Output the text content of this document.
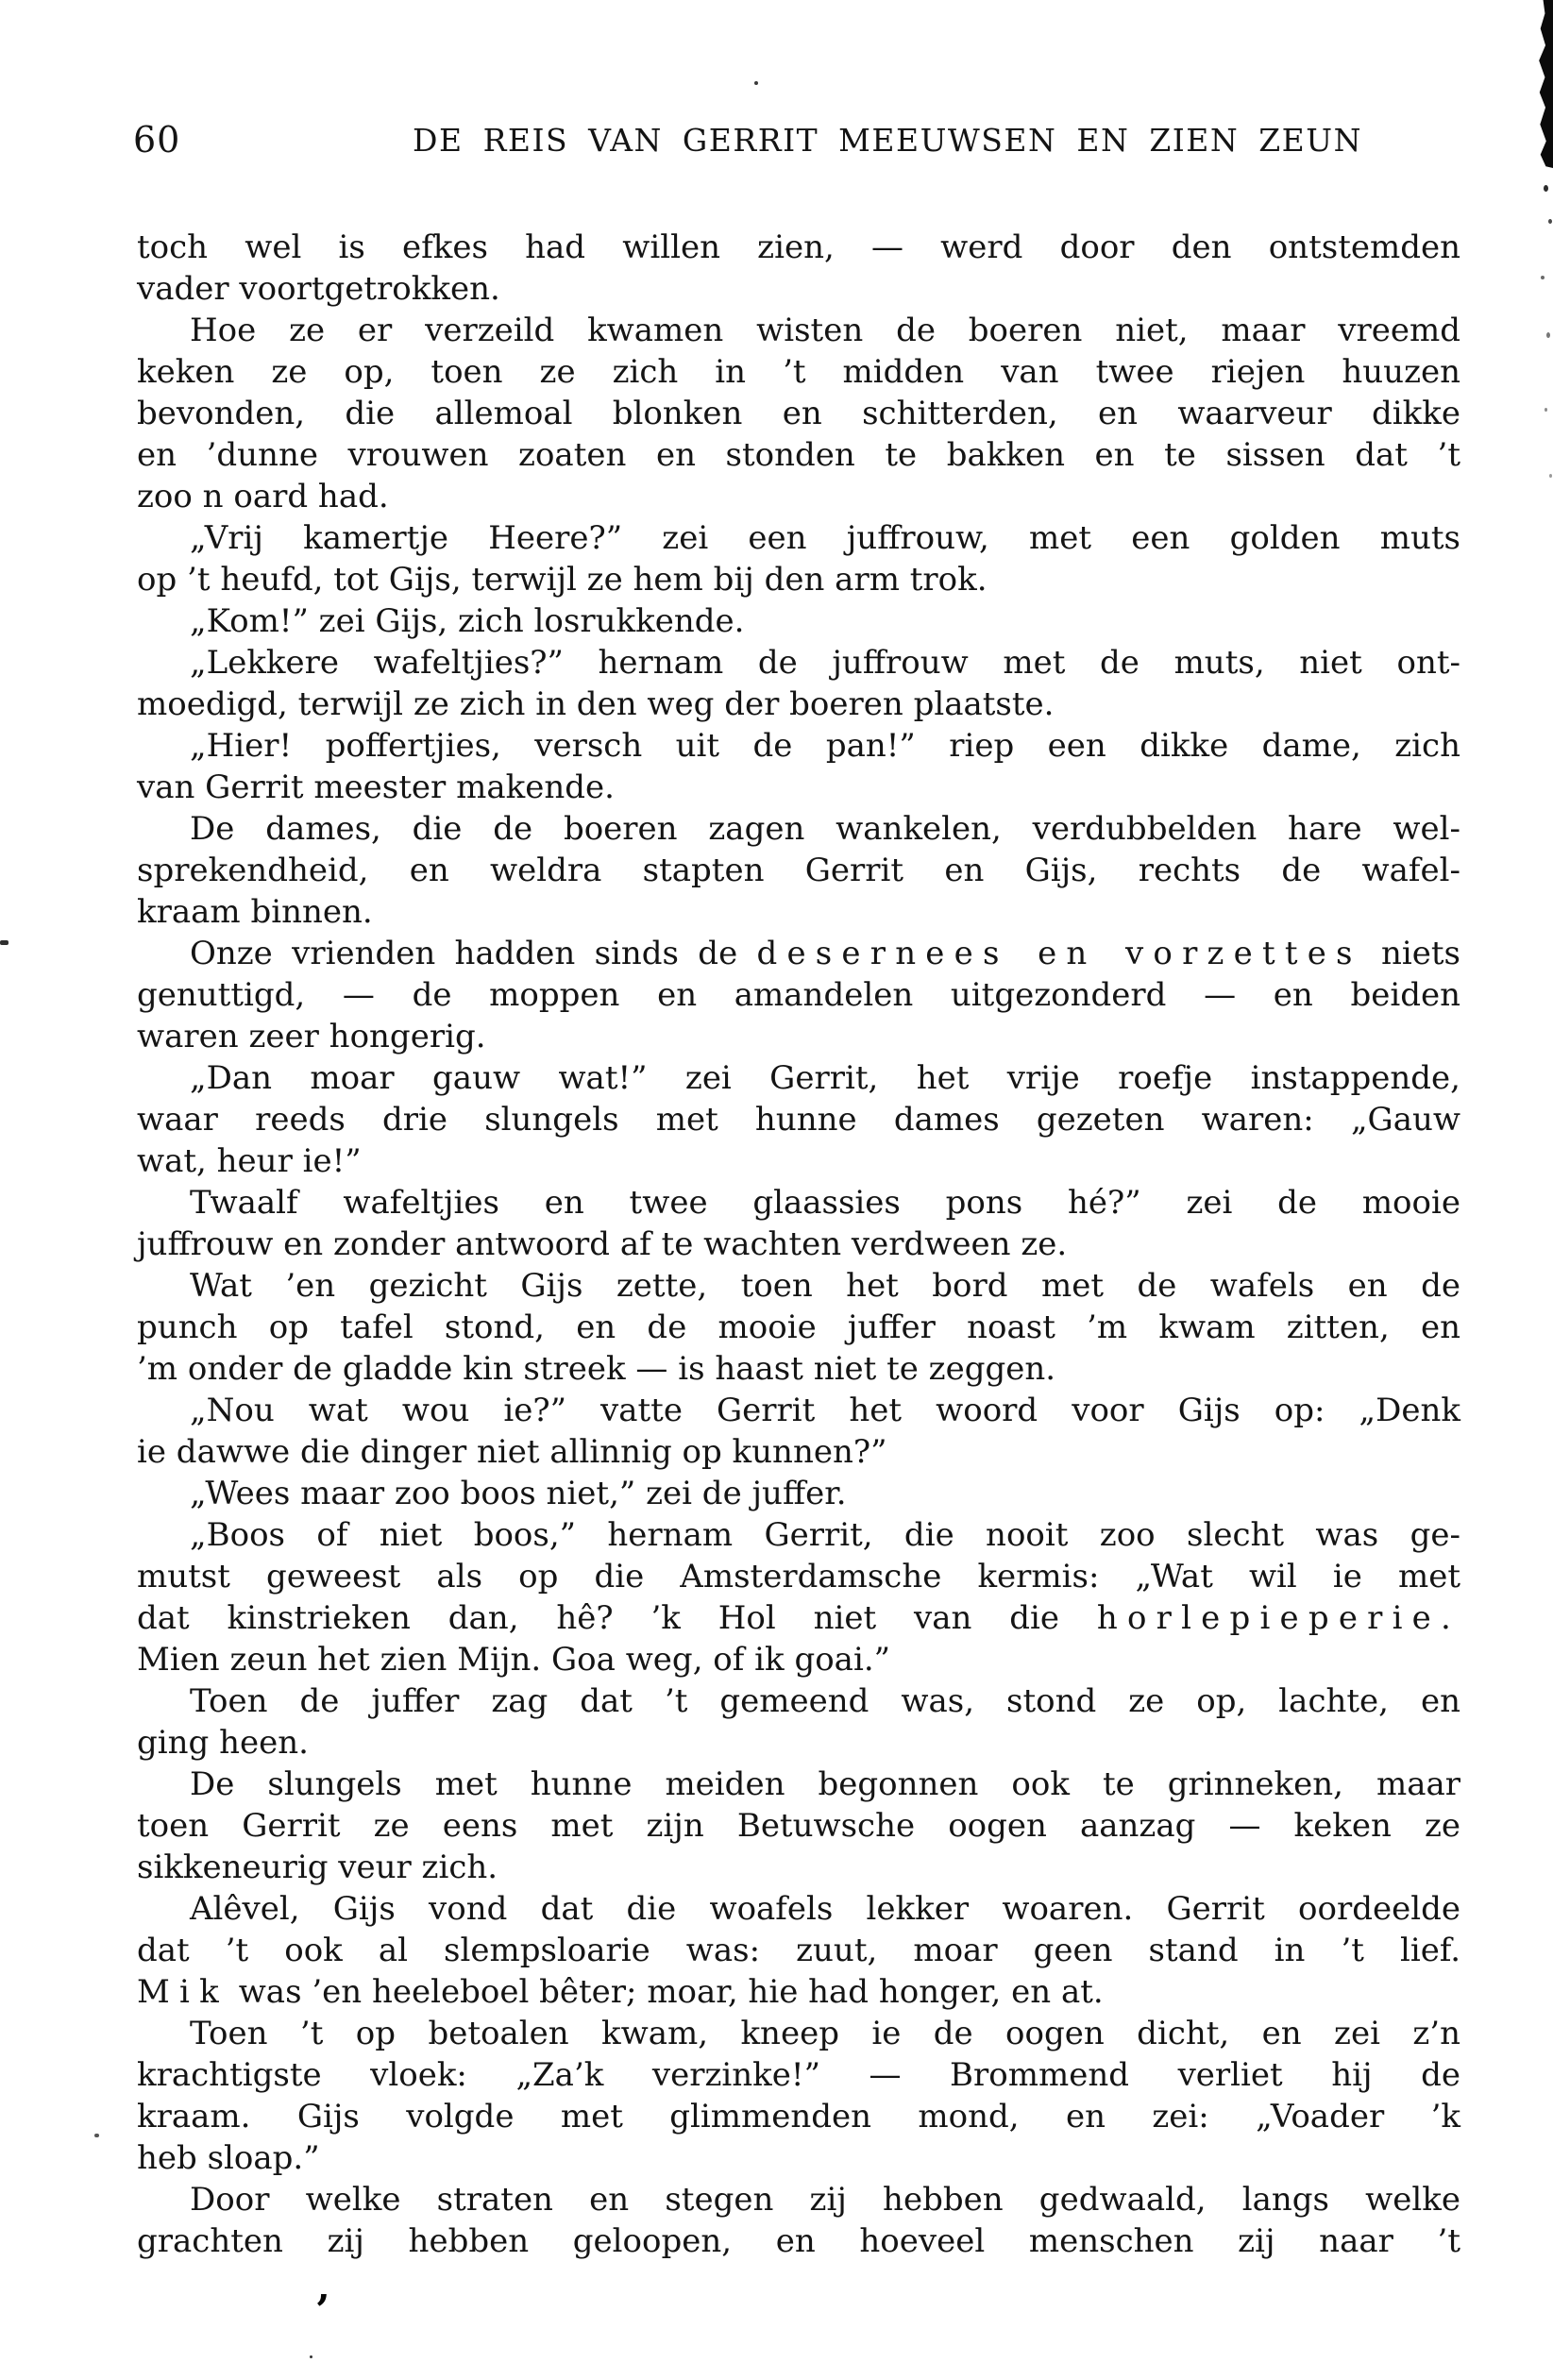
60	DE REIS VAN GERRIT MEEUWSEN EN ZIEN ZEUN
toch wel is efkes had willen zien, — werd door den ontstemden
vader voortgetrokken.
Hoe ze er verzeild kwamen wisten de boeren niet, maar vreemd
keken ze op, toen ze zich in ’t midden van twee riejen huuzen
bevonden, die allemoal blonken en schitterden, en waarveur dikke
en ’dunne vrouwen zoaten en stonden te bakken en te sissen dat ’t
zoo n oard had.
„Vrij kamertje Heere?” zei een juffrouw, met een golden muts
op ’t heufd, tot Gijs, terwijl ze hem bij den arm trok.
„Kom!” zei Gijs, zich losrukkende.
„Lekkere wafeltjies?” hernam de juffrouw met de muts, niet ont-
moedigd, terwijl ze zich in den weg der boeren plaatste.
„Hier! poffertjies, versch uit de pan!” riep een dikke dame, zich
van Gerrit meester makende.
De dames, die de boeren zagen wankelen, verdubbelden hare wel-
sprekendheid, en weldra stapten Gerrit en Gijs, rechts de wafel-
kraam binnen.
Onze vrienden hadden sinds de desernees en vorzettes niets
genuttigd, — de moppen en amandelen uitgezonderd — en beiden
waren zeer hongerig.
„Dan moar gauw wat!” zei Gerrit, het vrije roefje instappende,
waar reeds drie slungels met hunne dames gezeten waren: „Gauw
wat, heur ie!”
Twaalf wafeltjies en twee glaassies pons hé?” zei de mooie
juffrouw en zonder antwoord af te wachten verdween ze.
Wat ’en gezicht Gijs zette, toen het bord met de wafels en de
punch op tafel stond, en de mooie juffer noast ’m kwam zitten, en
’m onder de gladde kin streek — is haast niet te zeggen.
„Nou wat wou ie?” vatte Gerrit het woord voor Gijs op: „Denk
ie dawwe die dinger niet allinnig op kunnen?”
„Wees maar zoo boos niet,” zei de juffer.
„Boos of niet boos,” hernam Gerrit, die nooit zoo slecht was ge-
mutst geweest als op die Amsterdamsche kermis: „Wat wil ie met
dat kinstrieken dan, hê? ’k Hol niet van die horlepieperie.
Mien zeun het zien Mijn. Goa weg, of ik goai.”
Toen de juffer zag dat ’t gemeend was, stond ze op, lachte, en
ging heen.
De slungels met hunne meiden begonnen ook te grinneken, maar
toen Gerrit ze eens met zijn Betuwsche oogen aanzag — keken ze
sikkeneurig veur zich.
Alêvel, Gijs vond dat die woafels lekker woaren. Gerrit oordeelde
dat ’t ook al slempsloarie was: zuut, moar geen stand in ’t lief.
Mik was ’en heeleboel bêter; moar, hie had honger, en at.
Toen ’t op betoalen kwam, kneep ie de oogen dicht, en zei z’n
krachtigste vloek: „Za’k verzinke!” — Brommend verliet hij de
kraam. Gijs volgde met glimmenden mond, en zei: „Voader ’k
heb sloap.”
Door welke straten en stegen zij hebben gedwaald, langs welke
grachten zij hebben geloopen, en hoeveel menschen zij naar ’t
’
